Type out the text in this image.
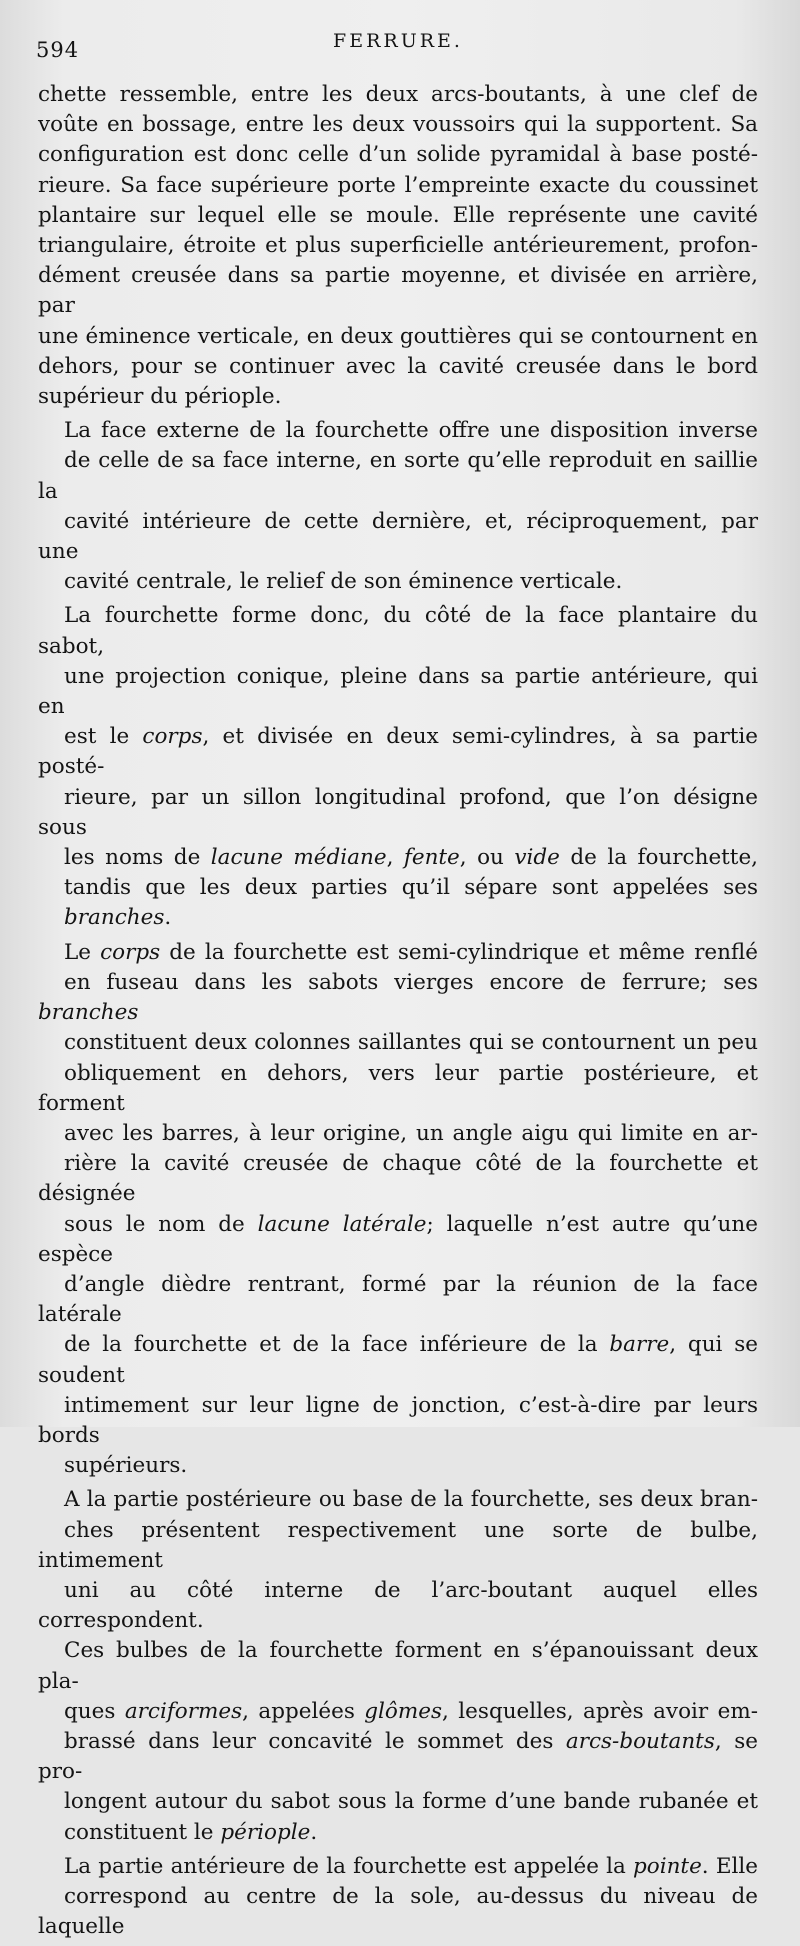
594	FERRURE.

chette ressemble, entre les deux arcs-boutants, à une clef de
voûte en bossage, entre les deux voussoirs qui la supportent. Sa
configuration est donc celle d’un solide pyramidal à base posté-
rieure. Sa face supérieure porte l’empreinte exacte du coussinet
plantaire sur lequel elle se moule. Elle représente une cavité
triangulaire, étroite et plus superficielle antérieurement, profon-
dément creusée dans sa partie moyenne, et divisée en arrière, par
une éminence verticale, en deux gouttières qui se contournent en
dehors, pour se continuer avec la cavité creusée dans le bord
supérieur du périople.

La face externe de la fourchette offre une disposition inverse
de celle de sa face interne, en sorte qu’elle reproduit en saillie la
cavité intérieure de cette dernière, et, réciproquement, par une
cavité centrale, le relief de son éminence verticale.

La fourchette forme donc, du côté de la face plantaire du sabot,
une projection conique, pleine dans sa partie antérieure, qui en
est le corps, et divisée en deux semi-cylindres, à sa partie posté-
rieure, par un sillon longitudinal profond, que l’on désigne sous
les noms de lacune médiane, fente, ou vide de la fourchette,
tandis que les deux parties qu’il sépare sont appelées ses
branches.

Le corps de la fourchette est semi-cylindrique et même renflé
en fuseau dans les sabots vierges encore de ferrure; ses branches
constituent deux colonnes saillantes qui se contournent un peu
obliquement en dehors, vers leur partie postérieure, et forment
avec les barres, à leur origine, un angle aigu qui limite en ar-
rière la cavité creusée de chaque côté de la fourchette et désignée
sous le nom de lacune latérale; laquelle n’est autre qu’une espèce
d’angle dièdre rentrant, formé par la réunion de la face latérale
de la fourchette et de la face inférieure de la barre, qui se soudent
intimement sur leur ligne de jonction, c’est-à-dire par leurs bords
supérieurs.

A la partie postérieure ou base de la fourchette, ses deux bran-
ches présentent respectivement une sorte de bulbe, intimement
uni au côté interne de l’arc-boutant auquel elles correspondent.
Ces bulbes de la fourchette forment en s’épanouissant deux pla-
ques arciformes, appelées glômes, lesquelles, après avoir em-
brassé dans leur concavité le sommet des arcs-boutants, se pro-
longent autour du sabot sous la forme d’une bande rubanée et
constituent le périople.

La partie antérieure de la fourchette est appelée la pointe. Elle
correspond au centre de la sole, au-dessus du niveau de laquelle
